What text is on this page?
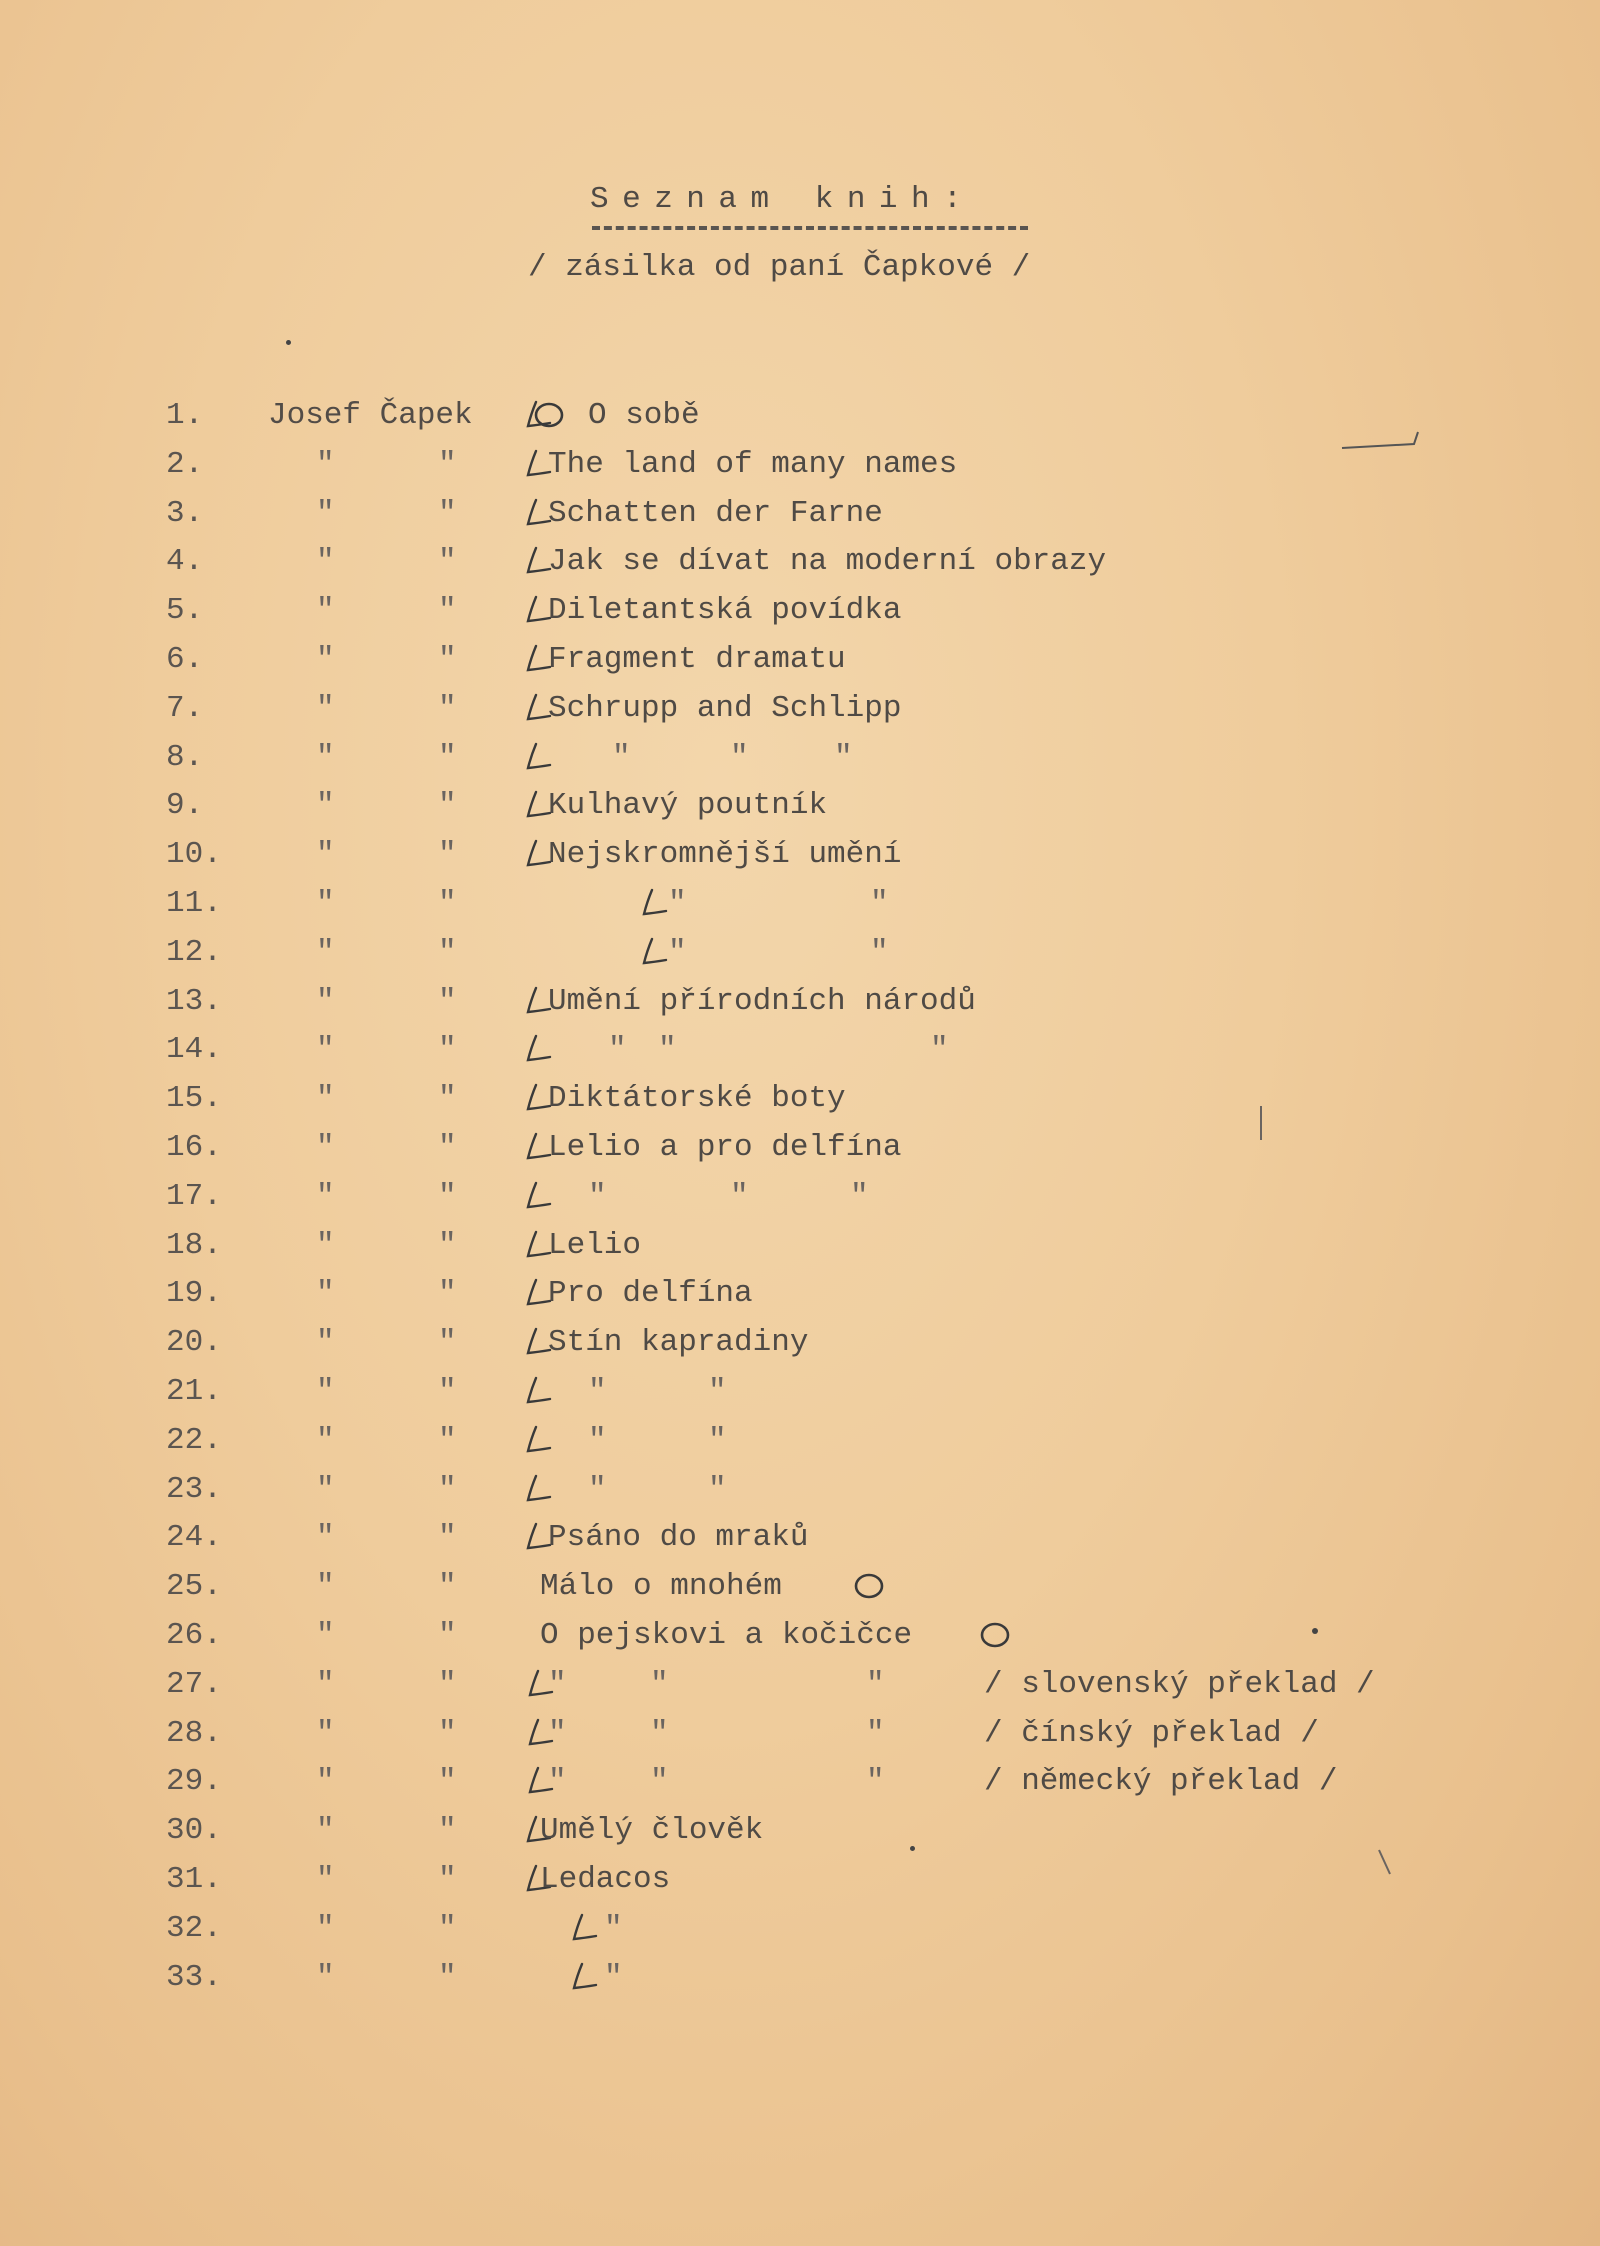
Seznam knih:
/ zásilka od paní Čapkové /
1. Josef Čapek	O sobě
2.	"	"	The land of many names
3.	"	"	Schatten der Farne
4.	"	"	Jak se dívat na moderní obrazy
5.	"	"	Diletantská povídka
6.	"	"	Fragment dramatu
7.	"	"	Schrupp and Schlipp
8.	"	"	"	"	"
9.	"	"	Kulhavý poutník
10.	"	"	Nejskromnější umění
11.	"	"	"	"
12.	"	"	"	"
13.	"	"	Umění přírodních národů
14.	"	"	" "	"
15.	"	"	Diktátorské boty
16.	"	"	Lelio a pro delfína
17.	"	"	"	"	"
18.	"	"	Lelio
19.	"	"	Pro delfína
20.	"	"	Stín kapradiny
21.	"	"	"	"
22.	"	"	"	"
23.	"	"	"	"
24.	"	"	Psáno do mraků
25.	"	"	Málo o mnohém
26.	"	"	O pejskovi a kočičce
27.	"	"	"	"	"	/ slovenský překlad /
28.	"	"	"	"	"	/ čínský překlad /
29.	"	"	"	"	"	/ německý překlad /
30.	"	"	Umělý člověk
31.	"	"	Ledacos
32.	"	"	"
33.	"	"	"
